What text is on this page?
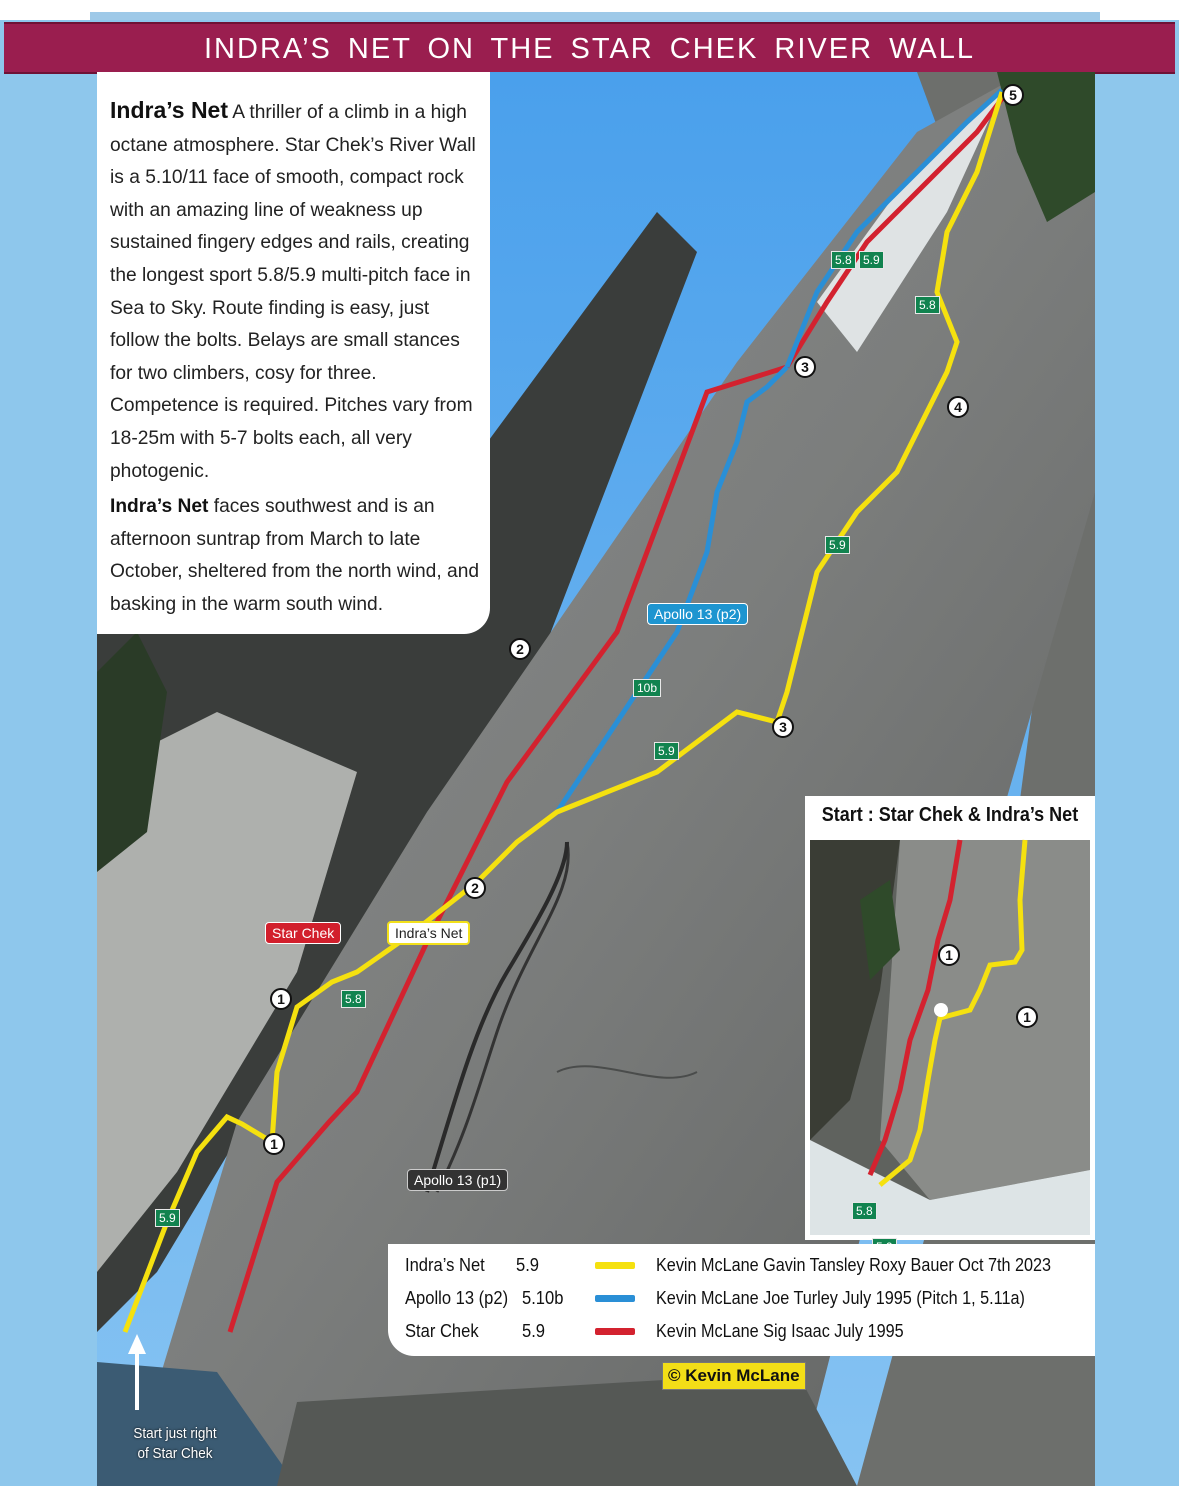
INDRA’S NET ON THE STAR CHEK RIVER WALL
Star Chek	Indra’s Net
Apollo 13 (p2)
Apollo 13 (p1)
5.9
5.8
5.9
10b
5.9
5.8
5.8 5.9
1
1
2
2
3
3
4
5

Indra’s Net A thriller of a climb in a high octane atmosphere. Star Chek’s River Wall is a 5.10/11 face of smooth, compact rock with an amazing line of weakness up sustained fingery edges and rails, creating the longest sport 5.8/5.9 multi-pitch face in Sea to Sky. Route finding is easy, just follow the bolts. Belays are small stances for two climbers, cosy for three. Competence is required. Pitches vary from 18-25m with 5-7 bolts each, all very photogenic.

Indra’s Net faces southwest and is an afternoon suntrap from March to late October, sheltered from the north wind, and basking in the warm south wind.

Start : Star Chek & Indra’s Net
1
1
5.8
Indra’s Net 5.9	Kevin McLane Gavin Tansley Roxy Bauer Oct 7th 2023
Apollo 13 (p2) 5.10b	Kevin McLane Joe Turley July 1995 (Pitch 1, 5.11a)
Star Chek 5.9	Kevin McLane Sig Isaac July 1995
© Kevin McLane
Start just right
of Star Chek
